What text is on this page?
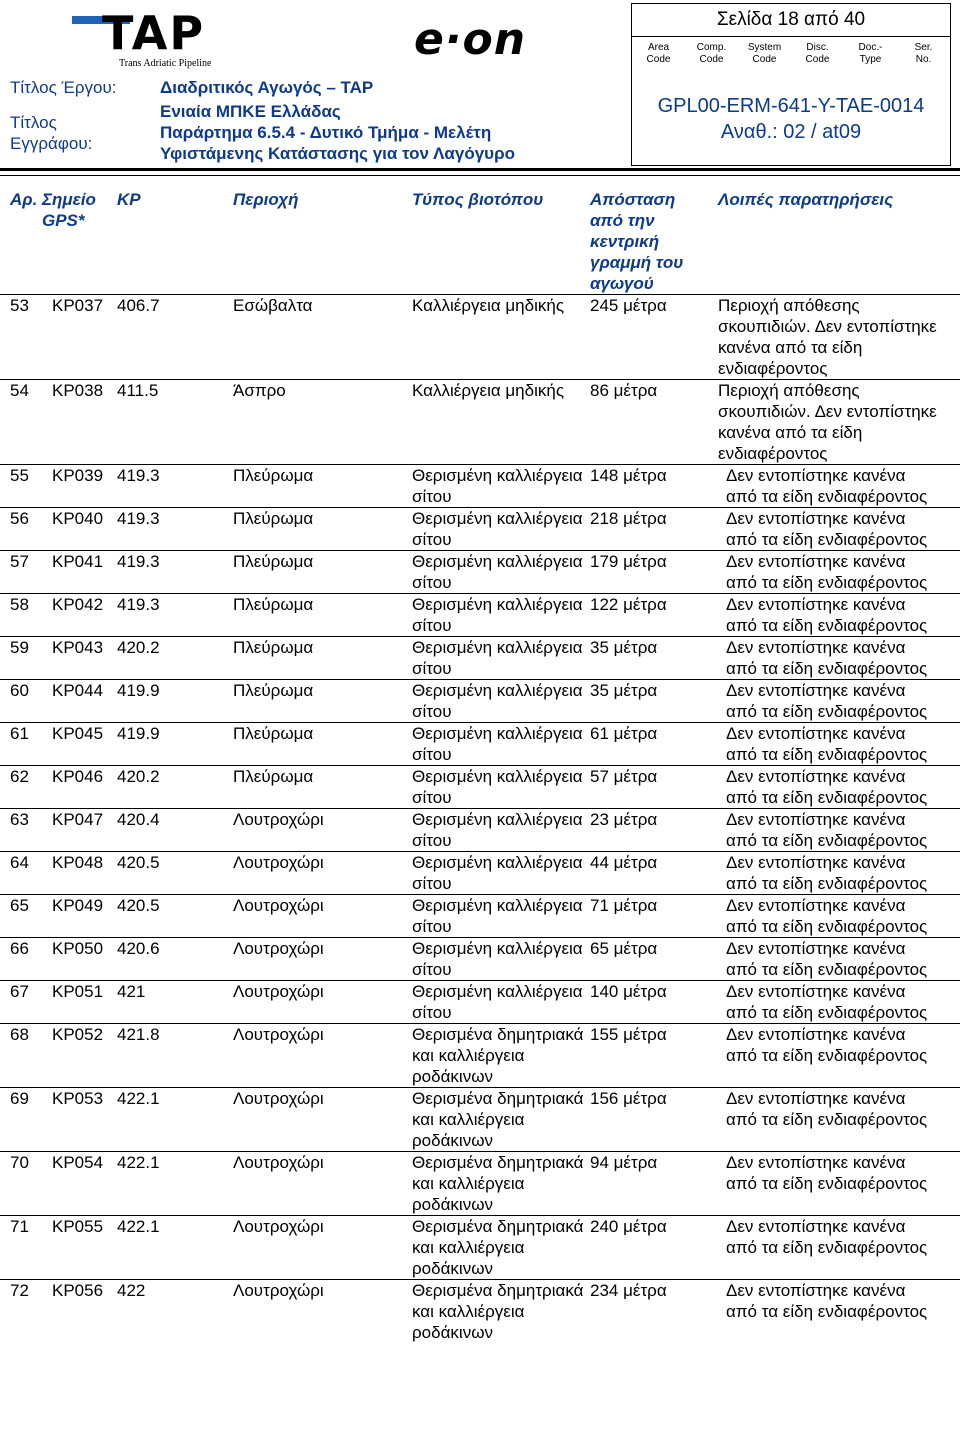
TAP
Trans Adriatic Pipeline	e·on	Σελίδα 18 από 40
Area
Code
Comp.
Code
System
Code
Disc.
Code
Doc.-
Type
Ser.
No.
GPL00-ERM-641-Y-TAE-0014
Αναθ.: 02 / at09
Τίτλος Έργου:	Διαδριτικός Αγωγός – TAP
Τίτλος
Εγγράφου:
Ενιαία ΜΠΚΕ Ελλάδας
Παράρτημα 6.5.4 - Δυτικό Τμήμα - Μελέτη
Υφιστάμενης Κατάστασης για τον Λαγόγυρο
Αρ.	Σημείο GPS*	KP	Περιοχή	Τύπος βιοτόπου	Απόσταση από την κεντρική γραμμή του αγωγού	Λοιπές παρατηρήσεις
53	KP037	406.7	Εσώβαλτα	Καλλιέργεια μηδικής	245 μέτρα	Περιοχή απόθεσης σκουπιδιών. Δεν εντοπίστηκε κανένα από τα είδη ενδιαφέροντος
54	KP038	411.5	Άσπρο	Καλλιέργεια μηδικής	86 μέτρα	Περιοχή απόθεσης σκουπιδιών. Δεν εντοπίστηκε κανένα από τα είδη ενδιαφέροντος
55	KP039	419.3	Πλεύρωμα	Θερισμένη καλλιέργεια σίτου	148 μέτρα	Δεν εντοπίστηκε κανένα από τα είδη ενδιαφέροντος
56	KP040	419.3	Πλεύρωμα	Θερισμένη καλλιέργεια σίτου	218 μέτρα	Δεν εντοπίστηκε κανένα από τα είδη ενδιαφέροντος
57	KP041	419.3	Πλεύρωμα	Θερισμένη καλλιέργεια σίτου	179 μέτρα	Δεν εντοπίστηκε κανένα από τα είδη ενδιαφέροντος
58	KP042	419.3	Πλεύρωμα	Θερισμένη καλλιέργεια σίτου	122 μέτρα	Δεν εντοπίστηκε κανένα από τα είδη ενδιαφέροντος
59	KP043	420.2	Πλεύρωμα	Θερισμένη καλλιέργεια σίτου	35 μέτρα	Δεν εντοπίστηκε κανένα από τα είδη ενδιαφέροντος
60	KP044	419.9	Πλεύρωμα	Θερισμένη καλλιέργεια σίτου	35 μέτρα	Δεν εντοπίστηκε κανένα από τα είδη ενδιαφέροντος
61	KP045	419.9	Πλεύρωμα	Θερισμένη καλλιέργεια σίτου	61 μέτρα	Δεν εντοπίστηκε κανένα από τα είδη ενδιαφέροντος
62	KP046	420.2	Πλεύρωμα	Θερισμένη καλλιέργεια σίτου	57 μέτρα	Δεν εντοπίστηκε κανένα από τα είδη ενδιαφέροντος
63	KP047	420.4	Λουτροχώρι	Θερισμένη καλλιέργεια σίτου	23 μέτρα	Δεν εντοπίστηκε κανένα από τα είδη ενδιαφέροντος
64	KP048	420.5	Λουτροχώρι	Θερισμένη καλλιέργεια σίτου	44 μέτρα	Δεν εντοπίστηκε κανένα από τα είδη ενδιαφέροντος
65	KP049	420.5	Λουτροχώρι	Θερισμένη καλλιέργεια σίτου	71 μέτρα	Δεν εντοπίστηκε κανένα από τα είδη ενδιαφέροντος
66	KP050	420.6	Λουτροχώρι	Θερισμένη καλλιέργεια σίτου	65 μέτρα	Δεν εντοπίστηκε κανένα από τα είδη ενδιαφέροντος
67	KP051	421	Λουτροχώρι	Θερισμένη καλλιέργεια σίτου	140 μέτρα	Δεν εντοπίστηκε κανένα από τα είδη ενδιαφέροντος
68	KP052	421.8	Λουτροχώρι	Θερισμένα δημητριακά και καλλιέργεια ροδάκινων	155 μέτρα	Δεν εντοπίστηκε κανένα από τα είδη ενδιαφέροντος
69	KP053	422.1	Λουτροχώρι	Θερισμένα δημητριακά και καλλιέργεια ροδάκινων	156 μέτρα	Δεν εντοπίστηκε κανένα από τα είδη ενδιαφέροντος
70	KP054	422.1	Λουτροχώρι	Θερισμένα δημητριακά και καλλιέργεια ροδάκινων	94 μέτρα	Δεν εντοπίστηκε κανένα από τα είδη ενδιαφέροντος
71	KP055	422.1	Λουτροχώρι	Θερισμένα δημητριακά και καλλιέργεια ροδάκινων	240 μέτρα	Δεν εντοπίστηκε κανένα από τα είδη ενδιαφέροντος
72	KP056	422	Λουτροχώρι	Θερισμένα δημητριακά και καλλιέργεια ροδάκινων	234 μέτρα	Δεν εντοπίστηκε κανένα από τα είδη ενδιαφέροντος
